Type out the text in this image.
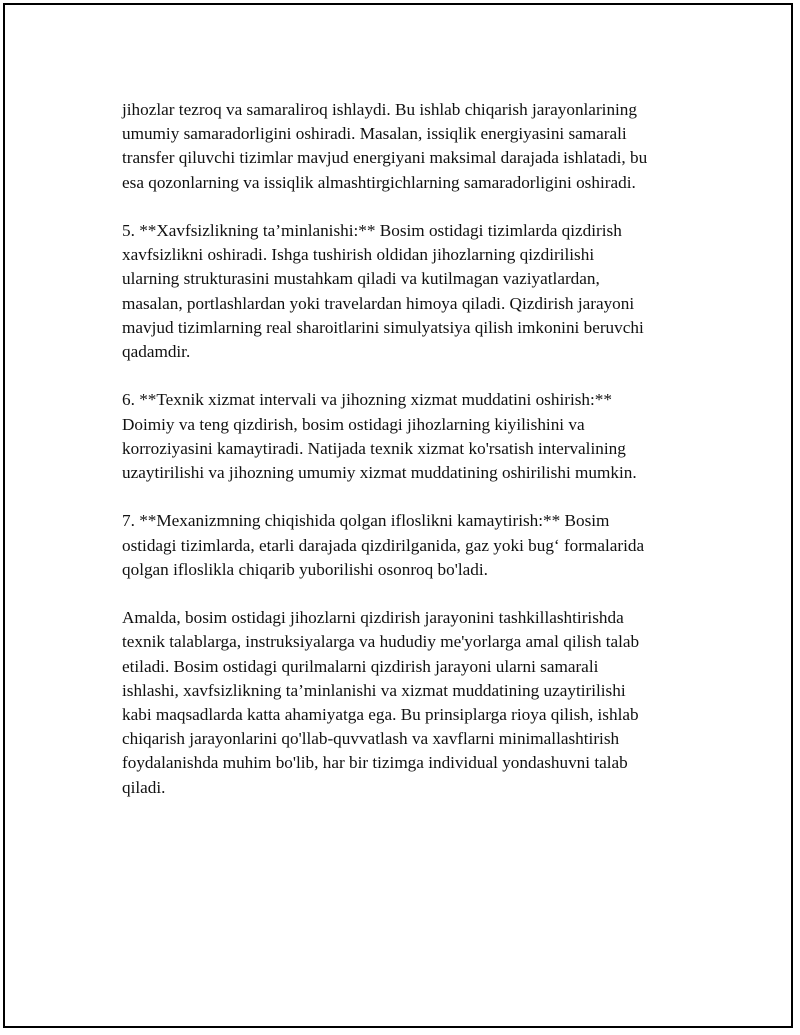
jihozlar tezroq va samaraliroq ishlaydi. Bu ishlab chiqarish jarayonlarining
umumiy samaradorligini oshiradi. Masalan, issiqlik energiyasini samarali
transfer qiluvchi tizimlar mavjud energiyani maksimal darajada ishlatadi, bu
esa qozonlarning va issiqlik almashtirgichlarning samaradorligini oshiradi.

5. **Xavfsizlikning ta’minlanishi:** Bosim ostidagi tizimlarda qizdirish
xavfsizlikni oshiradi. Ishga tushirish oldidan jihozlarning qizdirilishi
ularning strukturasini mustahkam qiladi va kutilmagan vaziyatlardan,
masalan, portlashlardan yoki travelardan himoya qiladi. Qizdirish jarayoni
mavjud tizimlarning real sharoitlarini simulyatsiya qilish imkonini beruvchi
qadamdir.

6. **Texnik xizmat intervali va jihozning xizmat muddatini oshirish:**
Doimiy va teng qizdirish, bosim ostidagi jihozlarning kiyilishini va
korroziyasini kamaytiradi. Natijada texnik xizmat ko'rsatish intervalining
uzaytirilishi va jihozning umumiy xizmat muddatining oshirilishi mumkin.

7. **Mexanizmning chiqishida qolgan ifloslikni kamaytirish:** Bosim
ostidagi tizimlarda, etarli darajada qizdirilganida, gaz yoki bug‘ formalarida
qolgan ifloslikla chiqarib yuborilishi osonroq bo'ladi.

Amalda, bosim ostidagi jihozlarni qizdirish jarayonini tashkillashtirishda
texnik talablarga, instruksiyalarga va hududiy me'yorlarga amal qilish talab
etiladi. Bosim ostidagi qurilmalarni qizdirish jarayoni ularni samarali
ishlashi, xavfsizlikning ta’minlanishi va xizmat muddatining uzaytirilishi
kabi maqsadlarda katta ahamiyatga ega. Bu prinsiplarga rioya qilish, ishlab
chiqarish jarayonlarini qo'llab-quvvatlash va xavflarni minimallashtirish
foydalanishda muhim bo'lib, har bir tizimga individual yondashuvni talab
qiladi.
